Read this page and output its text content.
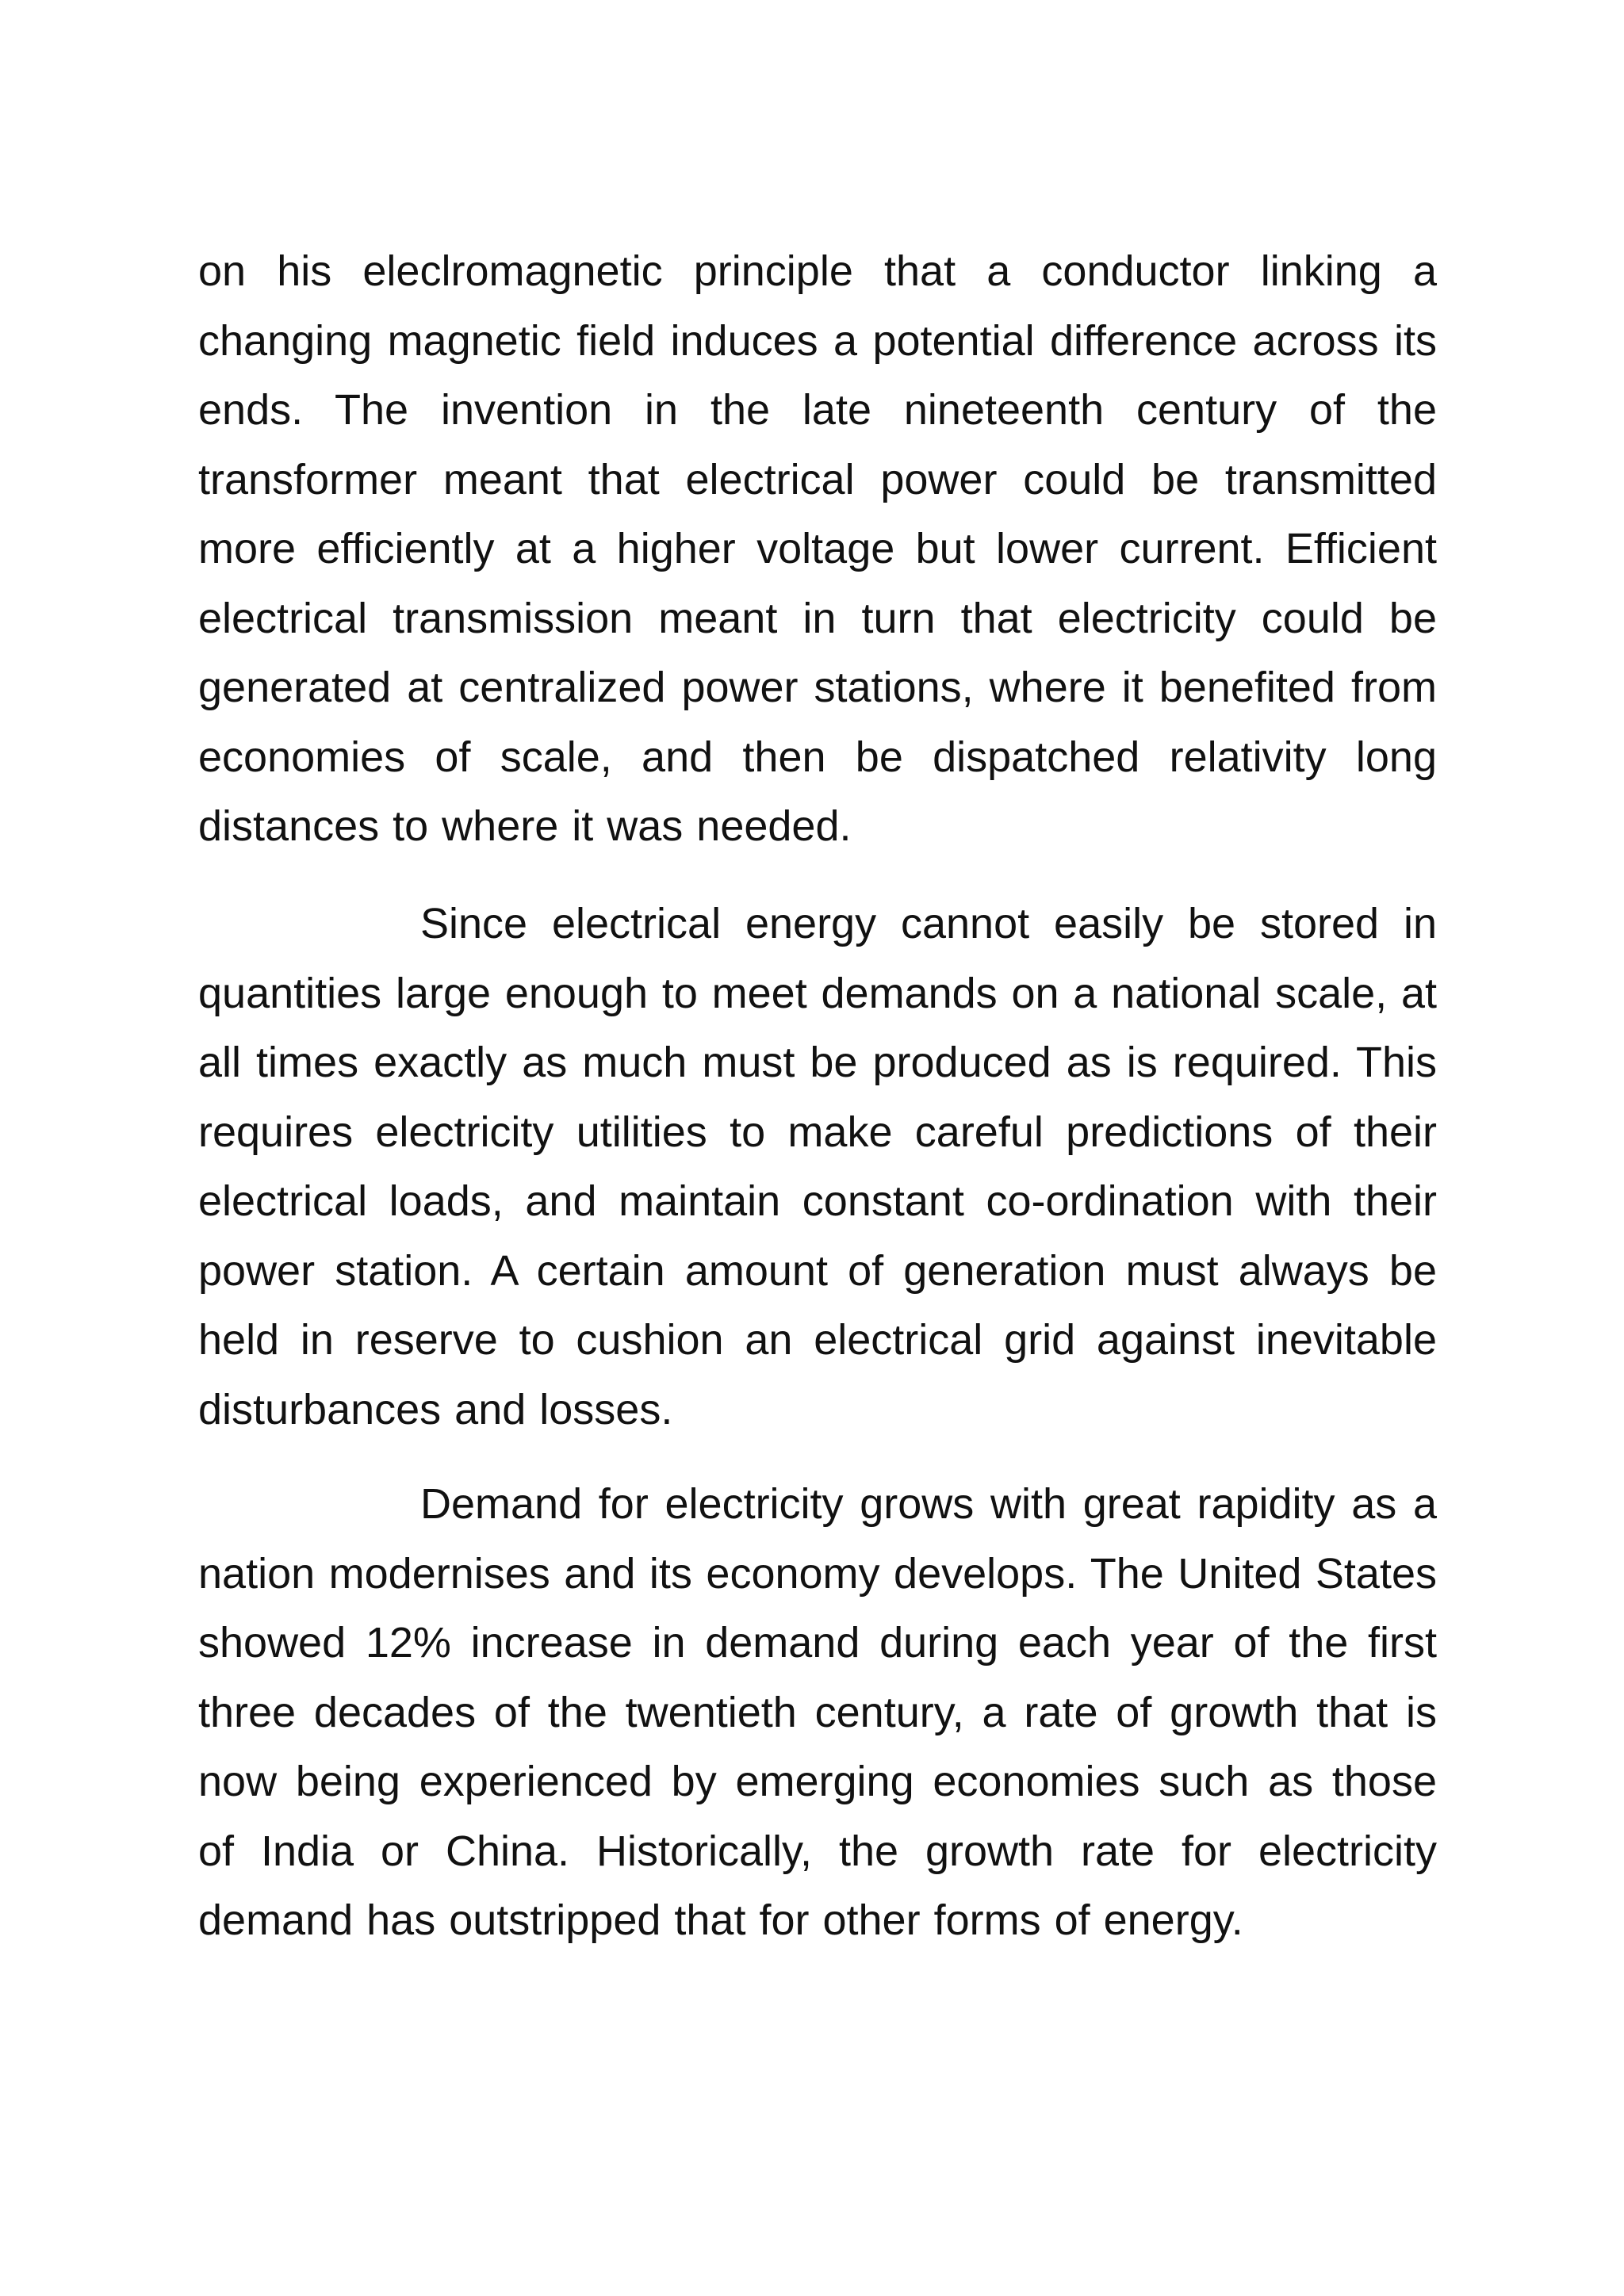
on his eleclromagnetic principle that a conductor linking a changing magnetic field induces a potential difference across its ends. The invention in the late nineteenth century of the transformer meant that electrical power could be transmitted more efficiently at a higher voltage but lower current. Efficient electrical transmission meant in turn that electricity could be generated at centralized power stations, where it benefited from economies of scale, and then be dispatched relativity long distances to where it was needed.

Since electrical energy cannot easily be stored in quantities large enough to meet demands on a national scale, at all times exactly as much must be produced as is required. This requires electricity utilities to make careful predictions of their electrical loads, and maintain constant co-ordination with their power station. A certain amount of generation must always be held in reserve to cushion an electrical grid against inevitable disturbances and losses.

Demand for electricity grows with great rapidity as a nation modernises and its economy develops. The United States showed 12% increase in demand during each year of the first three decades of the twentieth century, a rate of growth that is now being experienced by emerging economies such as those of India or China. Historically, the growth rate for electricity demand has outstripped that for other forms of energy.
